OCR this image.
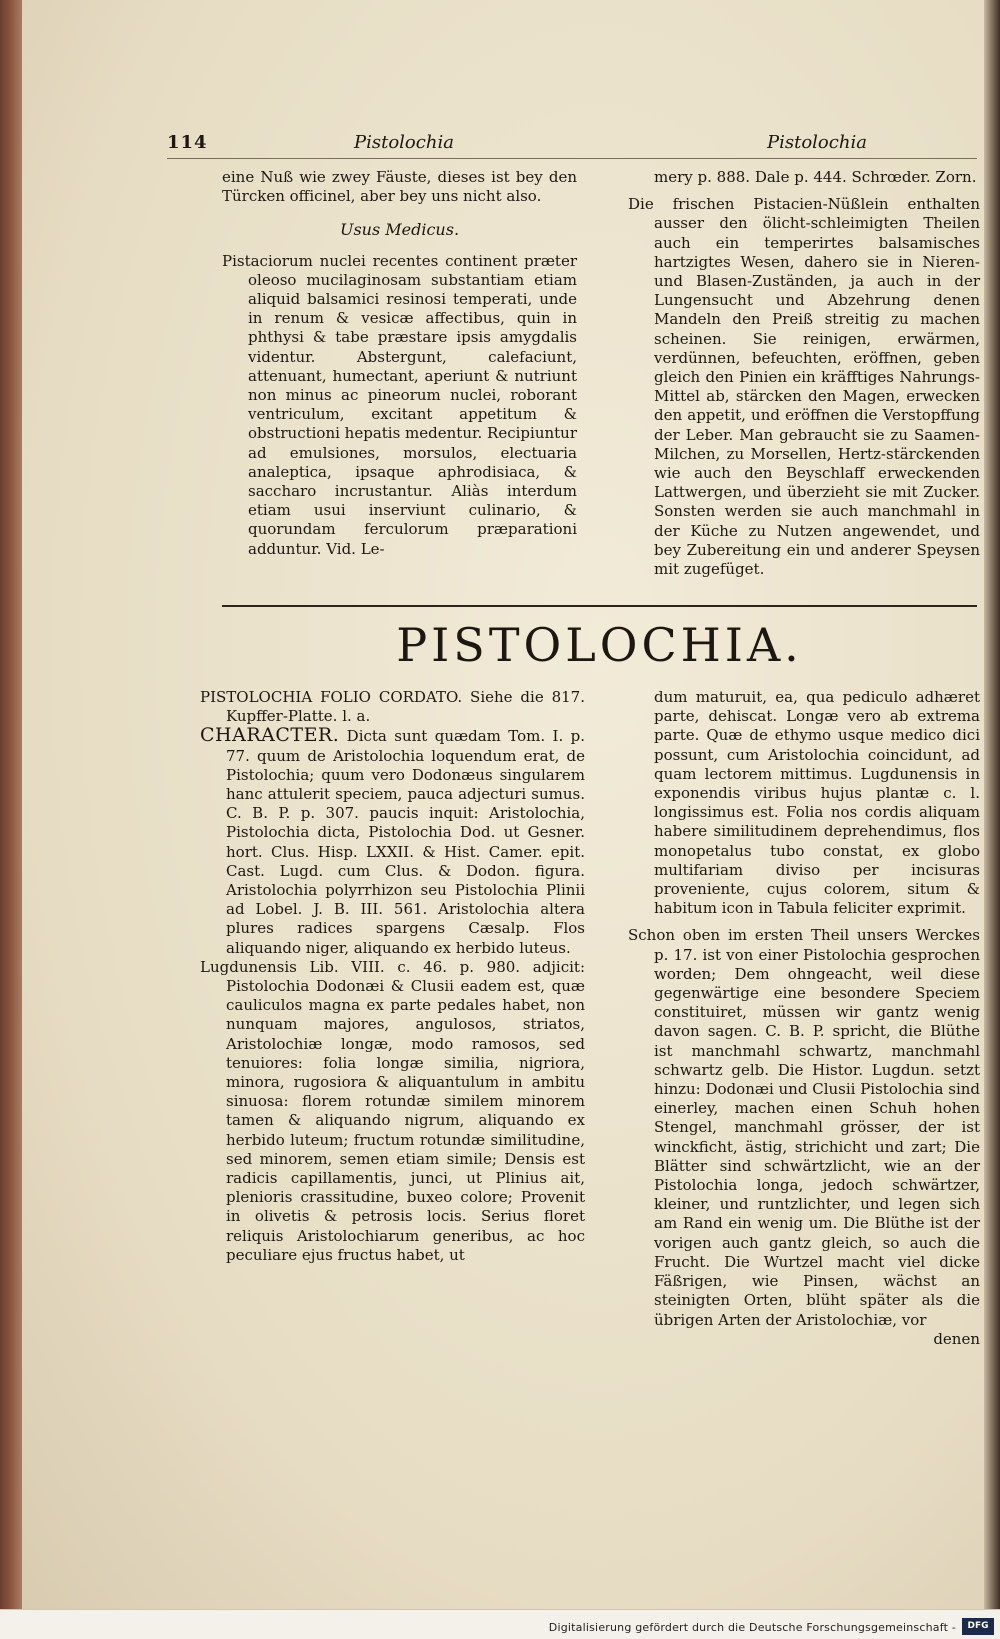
114	Pistolochia	Pistolochia

eine Nuß wie zwey Fäuste, dieses ist bey den Türcken officinel, aber bey uns nicht also.

Usus Medicus.

Pistaciorum nuclei recentes continent præter oleoso mucilaginosam substantiam etiam aliquid balsamici resinosi temperati, unde in renum & vesicæ affectibus, quin in phthysi & tabe præstare ipsis amygdalis videntur. Abstergunt, calefaciunt, attenuant, humectant, aperiunt & nutriunt non minus ac pineorum nuclei, roborant ventriculum, excitant appetitum & obstructioni hepatis medentur. Recipiuntur ad emulsiones, morsulos, electuaria analeptica, ipsaque aphrodisiaca, & saccharo incrustantur. Aliàs interdum etiam usui inserviunt culinario, & quorundam ferculorum præparationi adduntur. Vid. Le-

mery p. 888. Dale p. 444. Schrœder. Zorn.

Die frischen Pistacien-Nüßlein enthalten ausser den ölicht-schleimigten Theilen auch ein temperirtes balsamisches hartzigtes Wesen, dahero sie in Nieren- und Blasen-Zuständen, ja auch in der Lungensucht und Abzehrung denen Mandeln den Preiß streitig zu machen scheinen. Sie reinigen, erwärmen, verdünnen, befeuchten, eröffnen, geben gleich den Pinien ein kräfftiges Nahrungs-Mittel ab, stärcken den Magen, erwecken den appetit, und eröffnen die Verstopffung der Leber. Man gebraucht sie zu Saamen-Milchen, zu Morsellen, Hertz-stärckenden wie auch den Beyschlaff erweckenden Lattwergen, und überzieht sie mit Zucker. Sonsten werden sie auch manchmahl in der Küche zu Nutzen angewendet, und bey Zubereitung ein und anderer Speysen mit zugefüget.

PISTOLOCHIA.

PISTOLOCHIA FOLIO CORDATO. Siehe die 817. Kupffer-Platte. l. a.

CHARACTER. Dicta sunt quædam Tom. I. p. 77. quum de Aristolochia loquendum erat, de Pistolochia; quum vero Dodonæus singularem hanc attulerit speciem, pauca adjecturi sumus. C. B. P. p. 307. paucis inquit: Aristolochia, Pistolochia dicta, Pistolochia Dod. ut Gesner. hort. Clus. Hisp. LXXII. & Hist. Camer. epit. Cast. Lugd. cum Clus. & Dodon. figura. Aristolochia polyrrhizon seu Pistolochia Plinii ad Lobel. J. B. III. 561. Aristolochia altera plures radices spargens Cæsalp. Flos aliquando niger, aliquando ex herbido luteus.

Lugdunensis Lib. VIII. c. 46. p. 980. adjicit: Pistolochia Dodonæi & Clusii eadem est, quæ cauliculos magna ex parte pedales habet, non nunquam majores, angulosos, striatos, Aristolochiæ longæ, modo ramosos, sed tenuiores: folia longæ similia, nigriora, minora, rugosiora & aliquantulum in ambitu sinuosa: florem rotundæ similem minorem tamen & aliquando nigrum, aliquando ex herbido luteum; fructum rotundæ similitudine, sed minorem, semen etiam simile; Densis est radicis capillamentis, junci, ut Plinius ait, plenioris crassitudine, buxeo colore; Provenit in olivetis & petrosis locis. Serius floret reliquis Aristolochiarum generibus, ac hoc peculiare ejus fructus habet, ut

dum maturuit, ea, qua pediculo adhæret parte, dehiscat. Longæ vero ab extrema parte. Quæ de ethymo usque medico dici possunt, cum Aristolochia coincidunt, ad quam lectorem mittimus. Lugdunensis in exponendis viribus hujus plantæ c. l. longissimus est. Folia nos cordis aliquam habere similitudinem deprehendimus, flos monopetalus tubo constat, ex globo multifariam diviso per incisuras proveniente, cujus colorem, situm & habitum icon in Tabula feliciter exprimit.

Schon oben im ersten Theil unsers Werckes p. 17. ist von einer Pistolochia gesprochen worden; Dem ohngeacht, weil diese gegenwärtige eine besondere Speciem constituiret, müssen wir gantz wenig davon sagen. C. B. P. spricht, die Blüthe ist manchmahl schwartz, manchmahl schwartz gelb. Die Histor. Lugdun. setzt hinzu: Dodonæi und Clusii Pistolochia sind einerley, machen einen Schuh hohen Stengel, manchmahl grösser, der ist winckficht, ästig, strichicht und zart; Die Blätter sind schwärtzlicht, wie an der Pistolochia longa, jedoch schwärtzer, kleiner, und runtzlichter, und legen sich am Rand ein wenig um. Die Blüthe ist der vorigen auch gantz gleich, so auch die Frucht. Die Wurtzel macht viel dicke Fäßrigen, wie Pinsen, wächst an steinigten Orten, blüht später als die übrigen Arten der Aristolochiæ, vor

denen

Digitalisierung gefördert durch die Deutsche Forschungsgemeinschaft -	DFG
